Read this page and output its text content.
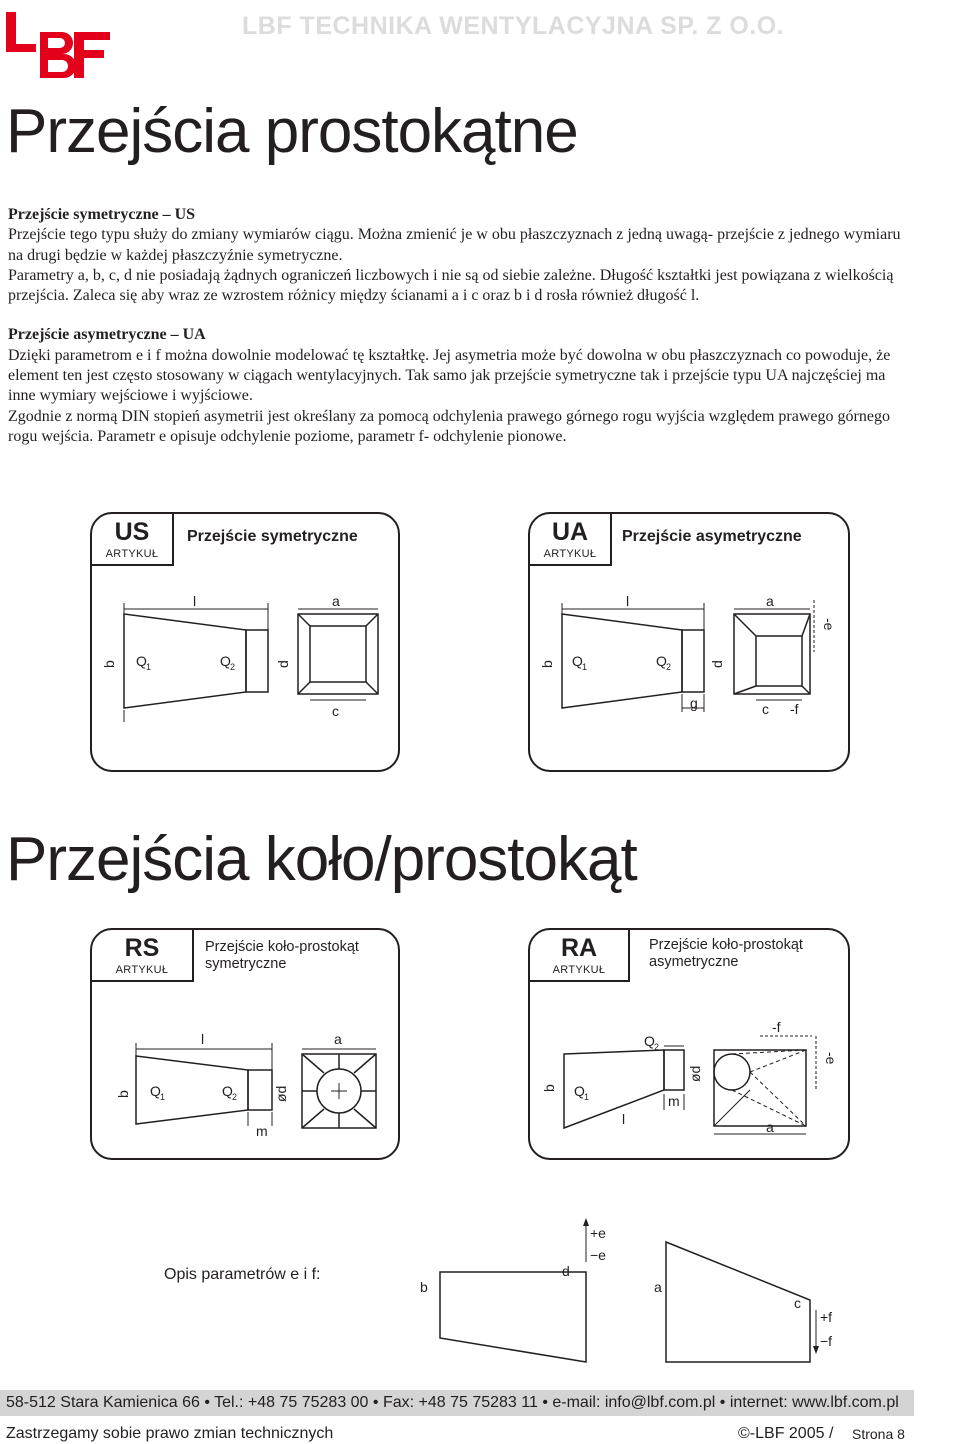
LBF TECHNIKA WENTYLACYJNA SP. Z O.O.
Przejścia prostokątne

Przejście symetryczne – US

Przejście tego typu służy do zmiany wymiarów ciągu. Można zmienić je w obu płaszczyznach z jedną uwagą- przejście z jednego wymiaru na drugi będzie w każdej płaszczyźnie symetryczne.

Parametry a, b, c, d nie posiadają żądnych ograniczeń liczbowych i nie są od siebie zależne. Długość kształtki jest powiązana z wielkością przejścia. Zaleca się aby wraz ze wzrostem różnicy między ścianami a i c oraz b i d rosła również długość l.

Przejście asymetryczne – UA

Dzięki parametrom e i f można dowolnie modelować tę kształtkę. Jej asymetria może być dowolna w obu płaszczyznach co powoduje, że element ten jest często stosowany w ciągach wentylacyjnych. Tak samo jak przejście symetryczne tak i przejście typu UA najczęściej ma inne wymiary wejściowe i wyjściowe.

Zgodnie z normą DIN stopień asymetrii jest określany za pomocą odchylenia prawego górnego rogu wyjścia względem prawego górnego rogu wejścia. Parametr e opisuje odchylenie poziome, parametr f- odchylenie pionowe.

US
ARTYKUŁ
Przejście symetryczne
l	a
c
b	d
Q 1	Q 2
UA
ARTYKUŁ
Przejście asymetryczne
l	a
c -f
g
b	d
-e
Q 1	Q 2
Przejścia koło/prostokąt
RS
ARTYKUŁ
Przejście koło-prostokąt symetryczne
l	a
m
b	ød
Q 1	Q 2
RA
ARTYKUŁ
Przejście koło-prostokąt asymetryczne
-f
Q 2
Q 1
b
ød
m
l	a
-e
Opis parametrów e i f:
+e
−e
d
b	a
c
+f
−f
58-512 Stara Kamienica 66 • Tel.: +48 75 75283 00 • Fax: +48 75 75283 11 • e-mail: info@lbf.com.pl • internet: www.lbf.com.pl
Zastrzegamy sobie prawo zmian technicznych	©-LBF 2005 / Strona 8
